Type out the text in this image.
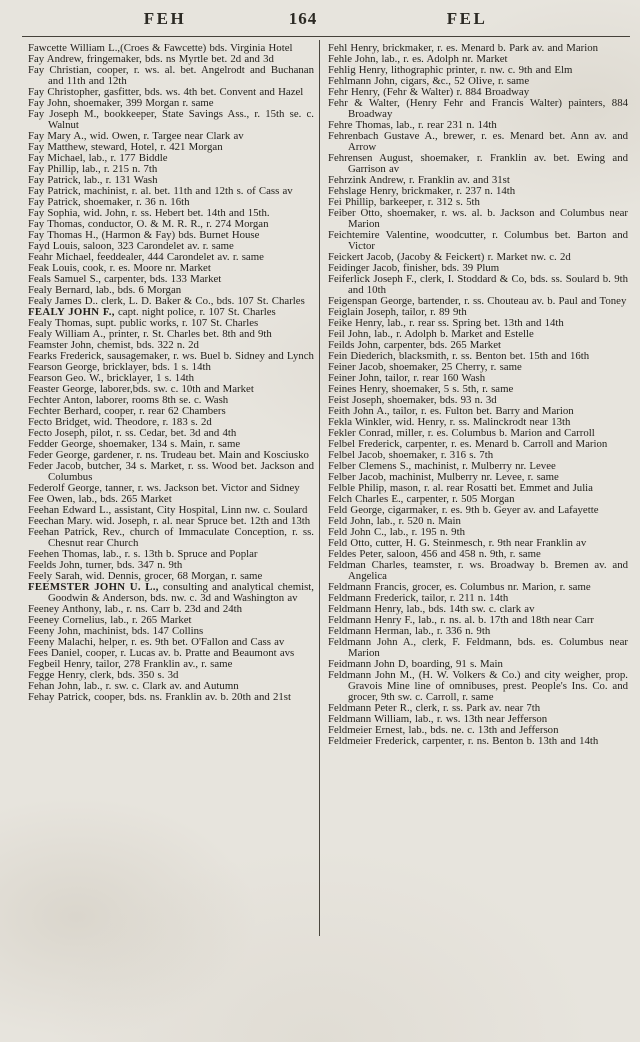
FEH	164	FEL
Fawcette William L.,(Croes & Fawcette) bds. Virginia Hotel
Fay Andrew, fringemaker, bds. ns Myrtle bet. 2d and 3d
Fay Christian, cooper, r. ws. al. bet. Angelrodt and Buchanan and 11th and 12th
Fay Christopher, gasfitter, bds. ws. 4th bet. Convent and Hazel
Fay John, shoemaker, 399 Morgan r. same
Fay Joseph M., bookkeeper, State Savings Ass., r. 15th se. c. Walnut
Fay Mary A., wid. Owen, r. Targee near Clark av
Fay Matthew, steward, Hotel, r. 421 Morgan
Fay Michael, lab., r. 177 Biddle
Fay Phillip, lab., r. 215 n. 7th
Fay Patrick, lab., r. 131 Wash
Fay Patrick, machinist, r. al. bet. 11th and 12th s. of Cass av
Fay Patrick, shoemaker, r. 36 n. 16th
Fay Sophia, wid. John, r. ss. Hebert bet. 14th and 15th.
Fay Thomas, conductor, O. & M. R. R., r. 274 Morgan
Fay Thomas H., (Harmon & Fay) bds. Burnet House
Fayd Louis, saloon, 323 Carondelet av. r. same
Feahr Michael, feeddealer, 444 Carondelet av. r. same
Feak Louis, cook, r. es. Moore nr. Market
Feals Samuel S., carpenter, bds. 133 Market
Fealy Bernard, lab., bds. 6 Morgan
Fealy James D.. clerk, L. D. Baker & Co., bds. 107 St. Charles
FEALY JOHN F., capt. night police, r. 107 St. Charles
Fealy Thomas, supt. public works, r. 107 St. Charles
Fealy William A., printer, r. St. Charles bet. 8th and 9th
Feamster John, chemist, bds. 322 n. 2d
Fearks Frederick, sausagemaker, r. ws. Buel b. Sidney and Lynch
Fearson George, bricklayer, bds. 1 s. 14th
Fearson Geo. W., bricklayer, 1 s. 14th
Feaster George, laborer,bds. sw. c. 10th and Market
Fechter Anton, laborer, rooms 8th se. c. Wash
Fechter Berhard, cooper, r. rear 62 Chambers
Fecto Bridget, wid. Theodore, r. 183 s. 2d
Fecto Joseph, pilot, r. ss. Cedar, bet. 3d and 4th
Fedder George, shoemaker, 134 s. Main, r. same
Feder George, gardener, r. ns. Trudeau bet. Main and Kosciusko
Feder Jacob, butcher, 34 s. Market, r. ss. Wood bet. Jackson and Columbus
Federolf George, tanner, r. ws. Jackson bet. Victor and Sidney
Fee Owen, lab., bds. 265 Market
Feehan Edward L., assistant, City Hospital, Linn nw. c. Soulard
Feechan Mary. wid. Joseph, r. al. near Spruce bet. 12th and 13th
Feehan Patrick, Rev., church of Immaculate Conception, r. ss. Chesnut rear Church
Feehen Thomas, lab., r. s. 13th b. Spruce and Poplar
Feelds John, turner, bds. 347 n. 9th
Feely Sarah, wid. Dennis, grocer, 68 Morgan, r. same
FEEMSTER JOHN U. L., consulting and analytical chemist, Goodwin & Anderson, bds. nw. c. 3d and Washington av
Feeney Anthony, lab., r. ns. Carr b. 23d and 24th
Feeney Cornelius, lab., r. 265 Market
Feeny John, machinist, bds. 147 Collins
Feeny Malachi, helper, r. es. 9th bet. O'Fallon and Cass av
Fees Daniel, cooper, r. Lucas av. b. Pratte and Beaumont avs
Fegbeil Henry, tailor, 278 Franklin av., r. same
Fegge Henry, clerk, bds. 350 s. 3d
Fehan John, lab., r. sw. c. Clark av. and Autumn
Fehay Patrick, cooper, bds. ns. Franklin av. b. 20th and 21st
Fehl Henry, brickmaker, r. es. Menard b. Park av. and Marion
Fehle John, lab., r. es. Adolph nr. Market
Fehlig Henry, lithographic printer, r. nw. c. 9th and Elm
Fehlmann John, cigars, &c., 52 Olive, r. same
Fehr Henry, (Fehr & Walter) r. 884 Broadway
Fehr & Walter, (Henry Fehr and Francis Walter) painters, 884 Broadway
Fehre Thomas, lab., r. rear 231 n. 14th
Fehrenbach Gustave A., brewer, r. es. Menard bet. Ann av. and Arrow
Fehrensen August, shoemaker, r. Franklin av. bet. Ewing and Garrison av
Fehrzink Andrew, r. Franklin av. and 31st
Fehslage Henry, brickmaker, r. 237 n. 14th
Fei Phillip, barkeeper, r. 312 s. 5th
Feiber Otto, shoemaker, r. ws. al. b. Jackson and Columbus near Marion
Feichtemire Valentine, woodcutter, r. Columbus bet. Barton and Victor
Feickert Jacob, (Jacoby & Feickert) r. Market nw. c. 2d
Feidinger Jacob, finisher, bds. 39 Plum
Feiferlick Joseph F., clerk, I. Stoddard & Co, bds. ss. Soulard b. 9th and 10th
Feigenspan George, bartender, r. ss. Chouteau av. b. Paul and Toney
Feiglain Joseph, tailor, r. 89 9th
Feike Henry, lab., r. rear ss. Spring bet. 13th and 14th
Feil John, lab., r. Adolph b. Market and Estelle
Feilds John, carpenter, bds. 265 Market
Fein Diederich, blacksmith, r. ss. Benton bet. 15th and 16th
Feiner Jacob, shoemaker, 25 Cherry, r. same
Feiner John, tailor, r. rear 160 Wash
Feines Henry, shoemaker, 5 s. 5th, r. same
Feist Joseph, shoemaker, bds. 93 n. 3d
Feith John A., tailor, r. es. Fulton bet. Barry and Marion
Fekla Winkler, wid. Henry, r. ss. Malinckrodt near 13th
Fekler Conrad, miller, r. es. Columbus b. Marion and Carroll
Felbel Frederick, carpenter, r. es. Menard b. Carroll and Marion
Felbel Jacob, shoemaker, r. 316 s. 7th
Felber Clemens S., machinist, r. Mulberry nr. Levee
Felber Jacob, machinist, Mulberry nr. Levee, r. same
Felble Philip, mason, r. al. rear Rosatti bet. Emmet and Julia
Felch Charles E., carpenter, r. 505 Morgan
Feld George, cigarmaker, r. es. 9th b. Geyer av. and Lafayette
Feld John, lab., r. 520 n. Main
Feld John C., lab., r. 195 n. 9th
Feld Otto, cutter, H. G. Steinmesch, r. 9th near Franklin av
Feldes Peter, saloon, 456 and 458 n. 9th, r. same
Feldman Charles, teamster, r. ws. Broadway b. Bremen av. and Angelica
Feldmann Francis, grocer, es. Columbus nr. Marion, r. same
Feldmann Frederick, tailor, r. 211 n. 14th
Feldmann Henry, lab., bds. 14th sw. c. clark av
Feldmann Henry F., lab., r. ns. al. b. 17th and 18th near Carr
Feldmann Herman, lab., r. 336 n. 9th
Feldmann John A., clerk, F. Feldmann, bds. es. Columbus near Marion
Feidmann John D, boarding, 91 s. Main
Feldmann John M., (H. W. Volkers & Co.) and city weigher, prop. Gravois Mine line of omnibuses, prest. People's Ins. Co. and grocer, 9th sw. c. Carroll, r. same
Feldmann Peter R., clerk, r. ss. Park av. near 7th
Feldmann William, lab., r. ws. 13th near Jefferson
Feldmeier Ernest, lab., bds. ne. c. 13th and Jefferson
Feldmeier Frederick, carpenter, r. ns. Benton b. 13th and 14th
